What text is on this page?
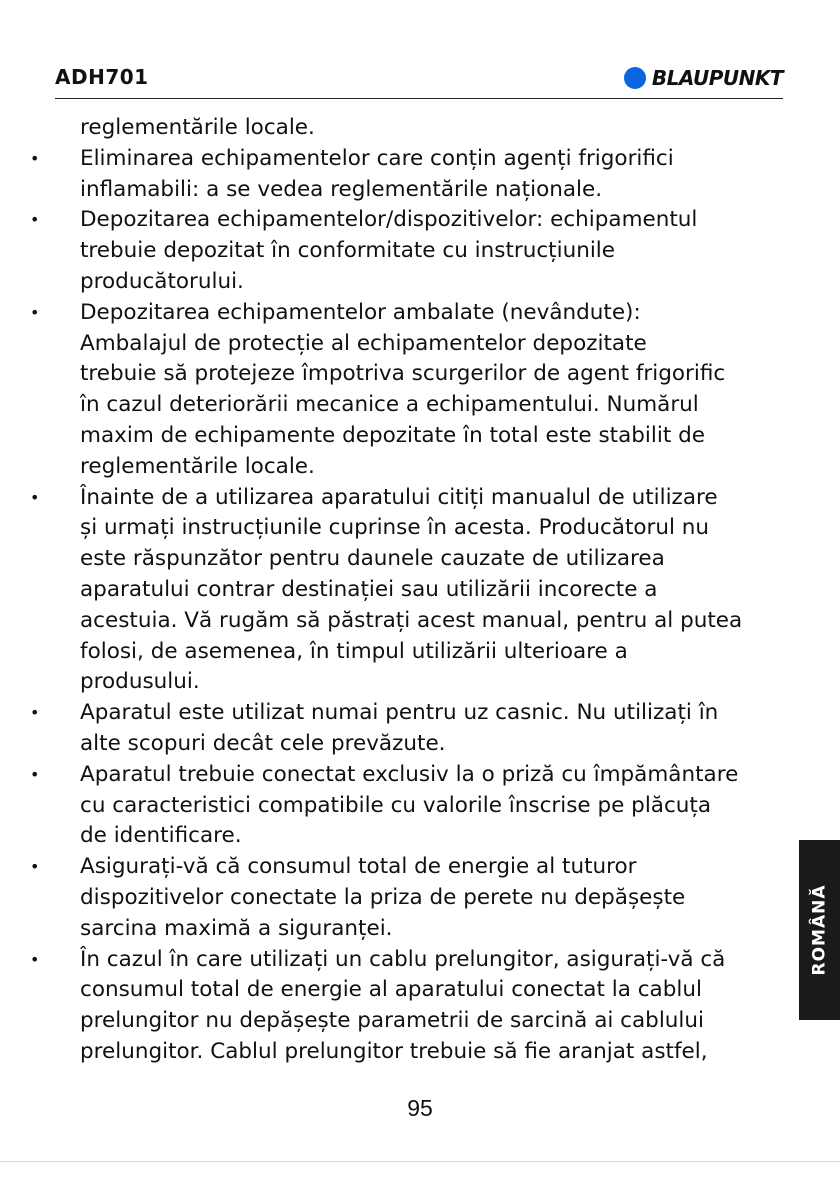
ADH701	BLAUPUNKT
reglementările locale.
• Eliminarea echipamentelor care conțin agenți frigorifici
inflamabili: a se vedea reglementările naționale.
• Depozitarea echipamentelor/dispozitivelor: echipamentul
trebuie depozitat în conformitate cu instrucțiunile
producătorului.
• Depozitarea echipamentelor ambalate (nevândute):
Ambalajul de protecție al echipamentelor depozitate
trebuie să protejeze împotriva scurgerilor de agent frigorific
în cazul deteriorării mecanice a echipamentului. Numărul
maxim de echipamente depozitate în total este stabilit de
reglementările locale.
• Înainte de a utilizarea aparatului citiți manualul de utilizare
și urmați instrucțiunile cuprinse în acesta. Producătorul nu
este răspunzător pentru daunele cauzate de utilizarea
aparatului contrar destinației sau utilizării incorecte a
acestuia. Vă rugăm să păstrați acest manual, pentru al putea
folosi, de asemenea, în timpul utilizării ulterioare a
produsului.
• Aparatul este utilizat numai pentru uz casnic. Nu utilizați în
alte scopuri decât cele prevăzute.
• Aparatul trebuie conectat exclusiv la o priză cu împământare
cu caracteristici compatibile cu valorile înscrise pe plăcuța
de identificare.
• Asigurați-vă că consumul total de energie al tuturor
dispozitivelor conectate la priza de perete nu depășește
sarcina maximă a siguranței.
• În cazul în care utilizați un cablu prelungitor, asigurați-vă că
consumul total de energie al aparatului conectat la cablul
prelungitor nu depășește parametrii de sarcină ai cablului
prelungitor. Cablul prelungitor trebuie să fie aranjat astfel,
ROMÂNĂ
95
